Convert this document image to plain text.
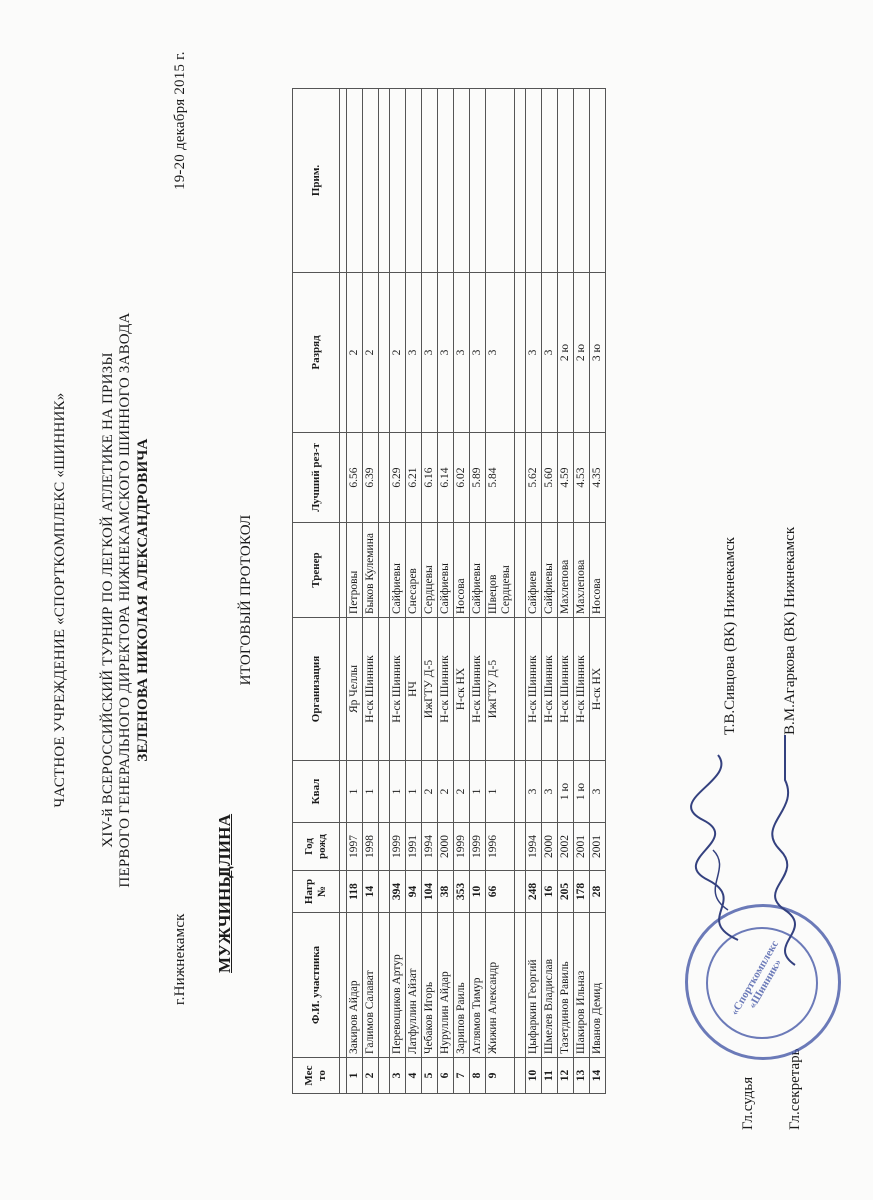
ЧАСТНОЕ УЧРЕЖДЕНИЕ «СПОРТКОМПЛЕКС «ШИННИК» XIV-й ВСЕРОССИЙСКИЙ ТУРНИР ПО ЛЕГКОЙ АТЛЕТИКЕ НА ПРИЗЫ ПЕРВОГО ГЕНЕРАЛЬНОГО ДИРЕКТОРА НИЖНЕКАМСКОГО ШИННОГО ЗАВОДА ЗЕЛЕНОВА НИКОЛАЯ АЛЕКСАНДРОВИЧА
г.Нижнекамск
19-20 декабря 2015 г.
МУЖЧИНЫ
ДЛИНА
ИТОГОВЫЙ ПРОТОКОЛ
Мес то	Ф.И. участника	Нагр №	Год рожд	Квал	Организация	Тренер	Лучший рез-т	Разряд	Прим.

1	Закиров Айдар	118	1997	1	Яр Челлы	Петровы	6.56	2	
2	Галимов Салават	14	1998	1	Н-ск Шинник	Быков Кулемина	6.39	2	

3	Перевощиков Артур	394	1999	1	Н-ск Шинник	Сайфиевы	6.29	2	
4	Латфуллин Айзат	94	1991	1	НЧ	Снесарев	6.21	3	
5	Чебаков Игорь	104	1994	2	ИжГТУ Д-5	Сердцевы	6.16	3	
6	Нуруллин Айдар	38	2000	2	Н-ск Шинник	Сайфиевы	6.14	3	
7	Зарипов Раиль	353	1999	2	Н-ск НХ	Носова	6.02	3	
8	Аглямов Тимур	10	1999	1	Н-ск Шинник	Сайфиевы	5.89	3	
9	Жижин Александр	66	1996	1	ИжГТУ Д-5	Швецов Сердцевы	5.84	3	

10	Цыфаркин Георгий	248	1994	3	Н-ск Шинник	Сайфиев	5.62	3	
11	Шмелев Владислав	16	2000	3	Н-ск Шинник	Сайфиевы	5.60	3	
12	Тазетдинов Равиль	205	2002	1 ю	Н-ск Шинник	Махлепова	4.59	2 ю	
13	Шакиров Ильназ	178	2001	1 ю	Н-ск Шинник	Махлепова	4.53	2 ю	
14	Иванов Демид	28	2001	3	Н-ск НХ	Носова	4.35	3 ю	
Гл.судья
Т.В.Сивцова (ВК) Нижнекамск
Гл.секретарь
В.М.Агаркова (ВК) Нижнекамск
«Спорткомплекс «Шинник»
